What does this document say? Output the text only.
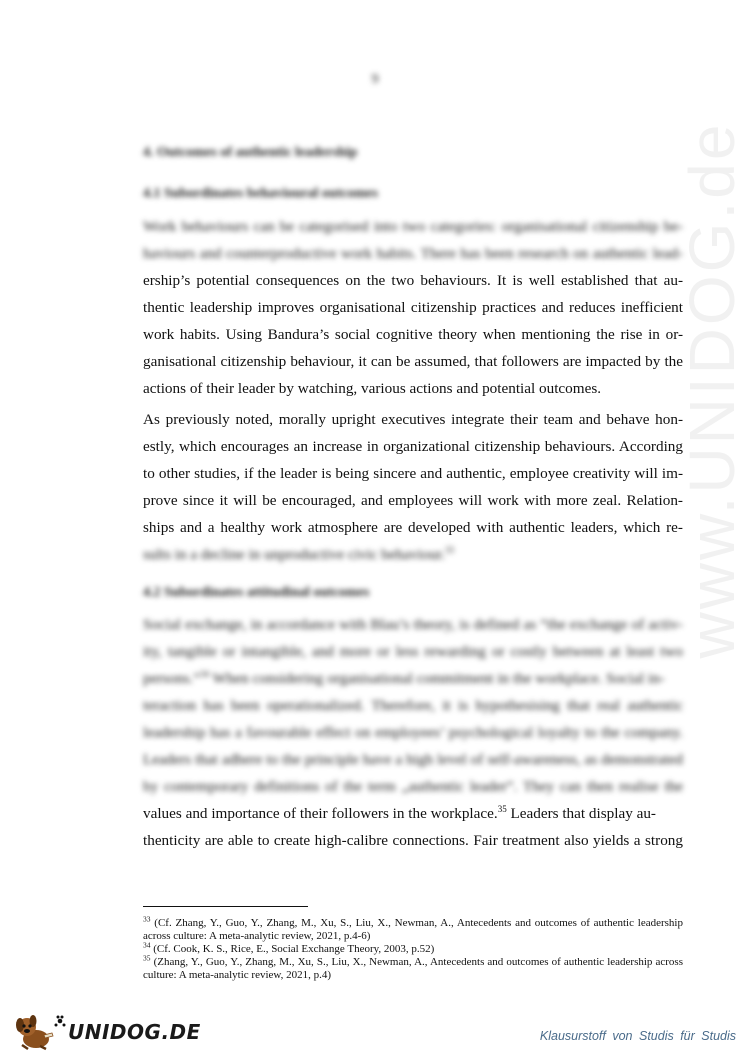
9
www.UNIDOG.de
4. Outcomes of authentic leadership
4.1 Subordinates behavioural outcomes
Work behaviours can be categorised into two categories: organisational citizenship be-
haviours and counterproductive work habits. There has been research on authentic lead-
ership’s potential consequences on the two behaviours. It is well established that au-
thentic leadership improves organisational citizenship practices and reduces inefficient
work habits. Using Bandura’s social cognitive theory when mentioning the rise in or-
ganisational citizenship behaviour, it can be assumed, that followers are impacted by the
actions of their leader by watching, various actions and potential outcomes.
As previously noted, morally upright executives integrate their team and behave hon-
estly, which encourages an increase in organizational citizenship behaviours. According
to other studies, if the leader is being sincere and authentic, employee creativity will im-
prove since it will be encouraged, and employees will work with more zeal. Relation-
ships and a healthy work atmosphere are developed with authentic leaders, which re-
sults in a decline in unproductive civic behaviour.$^{33}$
4.2 Subordinates attitudinal outcomes
Social exchange, in accordance with Blau’s theory, is defined as “the exchange of activ-
ity, tangible or intangible, and more or less rewarding or costly between at least two
persons.”$^{34}$ When considering organisational commitment in the workplace. Social in-
teraction has been operationalized. Therefore, it is hypothesising that real authentic
leadership has a favourable effect on employees’ psychological loyalty to the company.
Leaders that adhere to the principle have a high level of self-awareness, as demonstrated
by contemporary definitions of the term „authentic leader”. They can then realise the
values and importance of their followers in the workplace.$^{35}$ Leaders that display au-
thenticity are able to create high-calibre connections. Fair treatment also yields a strong

$^{33}$ (Cf. Zhang, Y., Guo, Y., Zhang, M., Xu, S., Liu, X., Newman, A., Antecedents and outcomes of authentic leadership across culture: A meta-analytic review, 2021, p.4-6)

$^{34}$ (Cf. Cook, K. S., Rice, E., Social Exchange Theory, 2003, p.52)

$^{35}$ (Zhang, Y., Guo, Y., Zhang, M., Xu, S., Liu, X., Newman, A., Antecedents and outcomes of authentic leadership across culture: A meta-analytic review, 2021, p.4)

UNIDOG.DE	Klausurstoff von Studis für Studis
